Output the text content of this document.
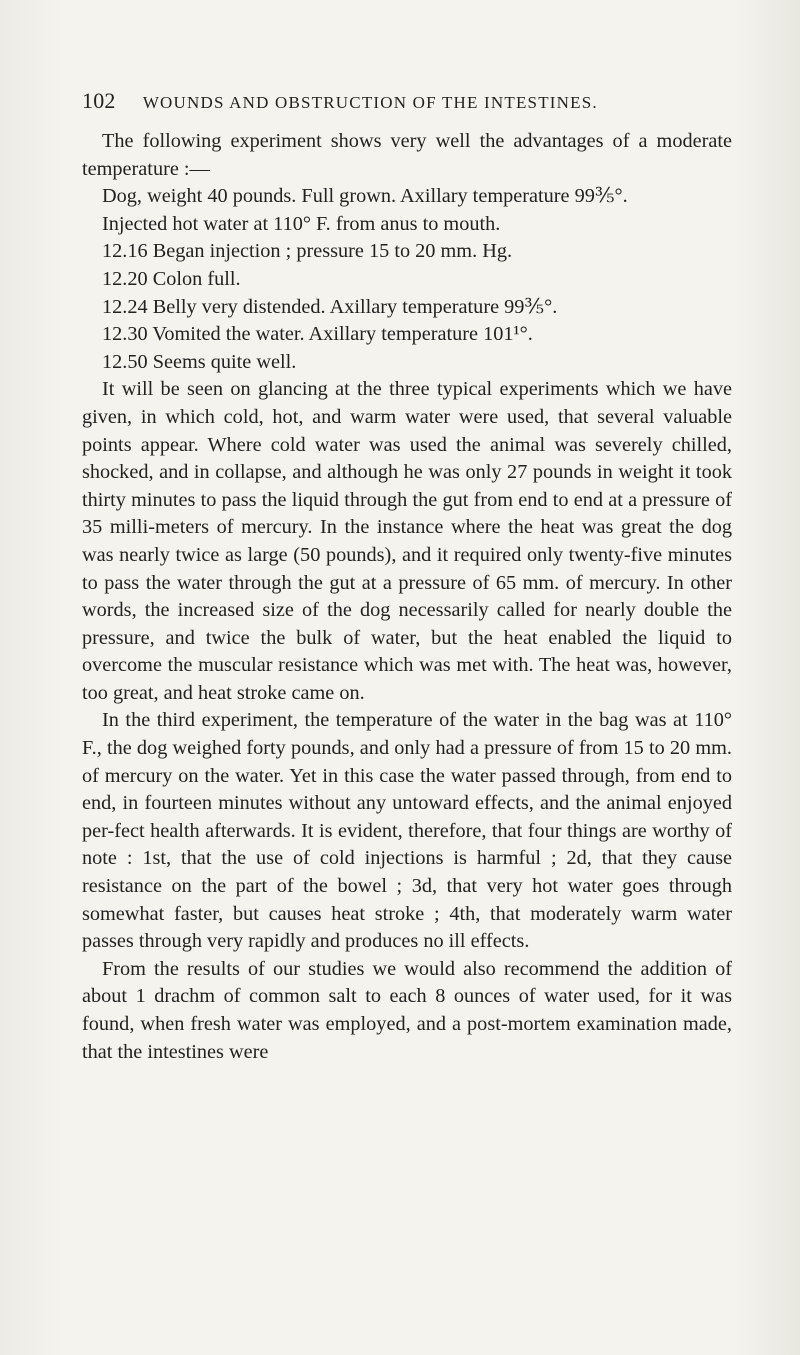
102 WOUNDS AND OBSTRUCTION OF THE INTESTINES.

The following experiment shows very well the advantages of a moderate temperature :—

Dog, weight 40 pounds. Full grown. Axillary temperature 99⅗°.

Injected hot water at 110° F. from anus to mouth.

12.16 Began injection ; pressure 15 to 20 mm. Hg.

12.20 Colon full.

12.24 Belly very distended. Axillary temperature 99⅗°.

12.30 Vomited the water. Axillary temperature 101¹°.

12.50 Seems quite well.

It will be seen on glancing at the three typical experiments which we have given, in which cold, hot, and warm water were used, that several valuable points appear. Where cold water was used the animal was severely chilled, shocked, and in collapse, and although he was only 27 pounds in weight it took thirty minutes to pass the liquid through the gut from end to end at a pressure of 35 milli-meters of mercury. In the instance where the heat was great the dog was nearly twice as large (50 pounds), and it required only twenty-five minutes to pass the water through the gut at a pressure of 65 mm. of mercury. In other words, the increased size of the dog necessarily called for nearly double the pressure, and twice the bulk of water, but the heat enabled the liquid to overcome the muscular resistance which was met with. The heat was, however, too great, and heat stroke came on.

In the third experiment, the temperature of the water in the bag was at 110° F., the dog weighed forty pounds, and only had a pressure of from 15 to 20 mm. of mercury on the water. Yet in this case the water passed through, from end to end, in fourteen minutes without any untoward effects, and the animal enjoyed per-fect health afterwards. It is evident, therefore, that four things are worthy of note : 1st, that the use of cold injections is harmful ; 2d, that they cause resistance on the part of the bowel ; 3d, that very hot water goes through somewhat faster, but causes heat stroke ; 4th, that moderately warm water passes through very rapidly and produces no ill effects.

From the results of our studies we would also recommend the addition of about 1 drachm of common salt to each 8 ounces of water used, for it was found, when fresh water was employed, and a post-mortem examination made, that the intestines were
